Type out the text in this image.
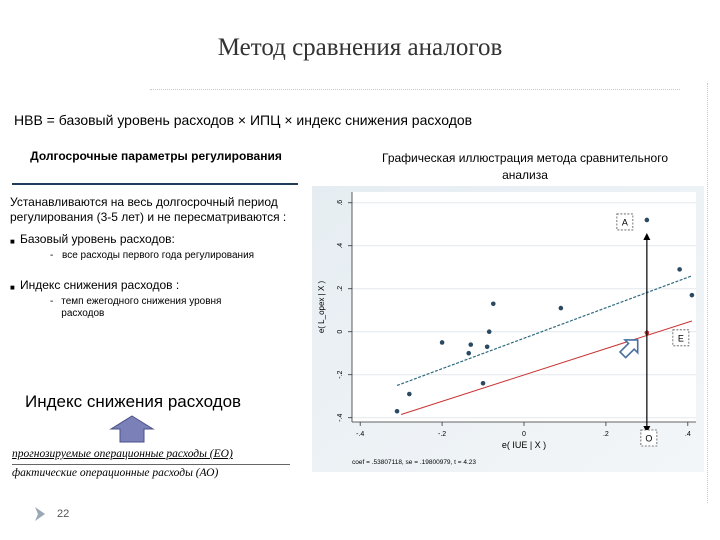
Метод сравнения аналогов
НВВ = базовый уровень расходов × ИПЦ × индекс снижения расходов
Долгосрочные параметры регулирования	Графическая иллюстрация метода сравнительного анализа
-.4
-.2
0
.2
.4
.6
-.4	-.2	0	.2	.4
e( L_opex | X )
e( IUE | X )
coef = .53807118, se = .19800979, t = 4.23
A
E
O
Устанавливаются на весь долгосрочный период регулирования (3-5 лет) и не пересматриваются :
■ Базовый уровень расходов:
- все расходы первого года регулирования
■ Индекс снижения расходов :
- темп ежегодного снижения уровня расходов
Индекс снижения расходов
прогнозируемые операционные расходы (ЕО)
фактические операционные расходы (АО)
22
